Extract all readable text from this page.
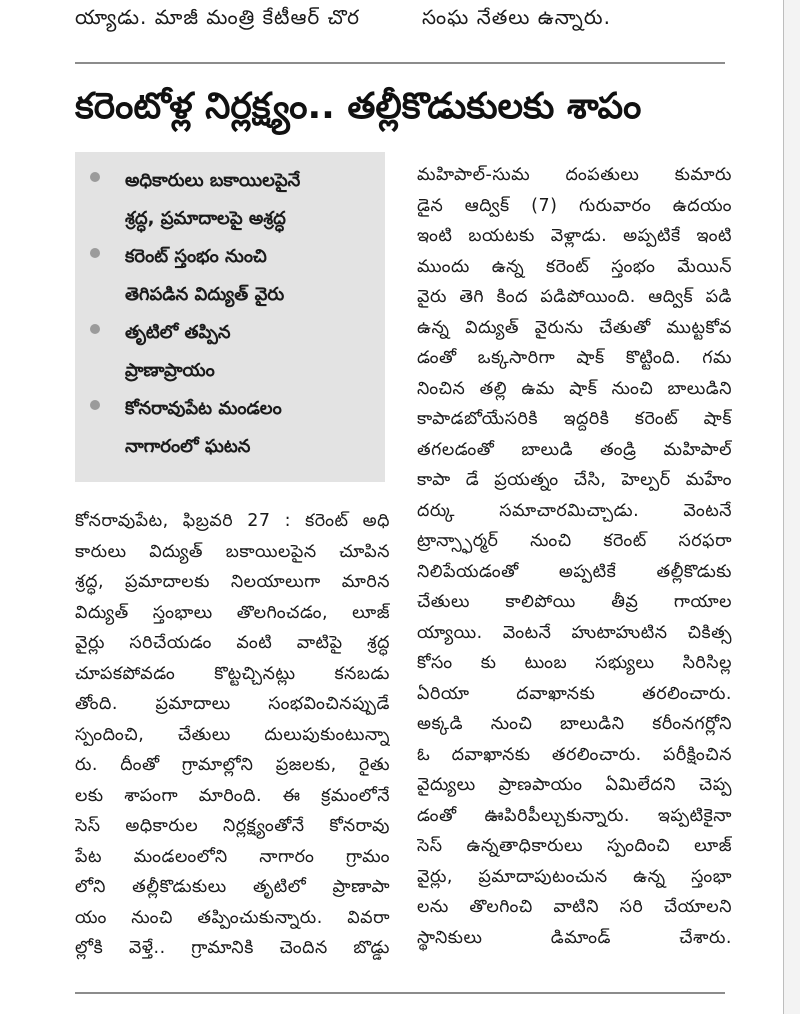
య్యాడు. మాజీ మంత్రి కేటీఆర్ చొర	సంఘ నేతలు ఉన్నారు.
కరెంటోళ్ల నిర్లక్ష్యం.. తల్లీకొడుకులకు శాపం
అధికారులు బకాయిలపైనే
శ్రద్ధ, ప్రమాదాలపై అశ్రద్ధ
కరెంట్ స్తంభం నుంచి
తెగిపడిన విద్యుత్ వైరు
తృటిలో తప్పిన
ప్రాణాప్రాయం
కోనరావుపేట మండలం
నాగారంలో ఘటన
కోనరావుపేట, ఫిబ్రవరి 27 : కరెంట్ అధి
కారులు విద్యుత్ బకాయిలపైన చూపిన
శ్రద్ధ, ప్రమాదాలకు నిలయాలుగా మారిన
విద్యుత్ స్తంభాలు తొలగించడం, లూజ్
వైర్లు సరిచేయడం వంటి వాటిపై శ్రద్ధ
చూపకపోవడం కొట్టచ్చినట్లు కనబడు
తోంది. ప్రమాదాలు సంభవించినప్పుడే
స్పందించి, చేతులు దులుపుకుంటున్నా
రు. దీంతో గ్రామాల్లోని ప్రజలకు, రైతు
లకు శాపంగా మారింది. ఈ క్రమంలోనే
సెస్ అధికారుల నిర్లక్ష్యంతోనే కోనరావు
పేట మండలంలోని నాగారం గ్రామం
లోని తల్లీకొడుకులు తృటిలో ప్రాణాపా
యం నుంచి తప్పించుకున్నారు. వివరా
ల్లోకి వెళ్తే.. గ్రామానికి చెందిన బొడ్డు
మహిపాల్-సుమ దంపతులు కుమారు
డైన ఆద్విక్ (7) గురువారం ఉదయం
ఇంటి బయటకు వెళ్లాడు. అప్పటికే ఇంటి
ముందు ఉన్న కరెంట్ స్తంభం మేయిన్
వైరు తెగి కింద పడిపోయింది. ఆద్విక్ పడి
ఉన్న విద్యుత్ వైరును చేతుతో ముట్టకోవ
డంతో ఒక్కసారిగా షాక్ కొట్టింది. గమ
నించిన తల్లి ఉమ షాక్ నుంచి బాలుడిని
కాపాడబోయేసరికి ఇద్దరికి కరెంట్ షాక్
తగలడంతో బాలుడి తండ్రి మహిపాల్
కాపా డే ప్రయత్నం చేసి, హెల్పర్ మహేం
దర్కు సమాచారమిచ్చాడు. వెంటనే
ట్రాన్స్ఫార్మర్ నుంచి కరెంట్ సరఫరా
నిలిపేయడంతో అప్పటికే తల్లీకొడుకు
చేతులు కాలిపోయి తీవ్ర గాయాల
య్యాయి. వెంటనే హుటాహుటిన చికిత్స
కోసం కు టుంబ సభ్యులు సిరిసిల్ల
ఏరియా దవాఖానకు తరలించారు.
అక్కడి నుంచి బాలుడిని కరీంనగర్లోని
ఓ దవాఖానకు తరలించారు. పరీక్షించిన
వైద్యులు ప్రాణపాయం ఏమిలేదని చెప్ప
డంతో ఊపిరిపీల్చుకున్నారు. ఇప్పటికైనా
సెస్ ఉన్నతాధికారులు స్పందించి లూజ్
వైర్లు, ప్రమాదాపుటంచున ఉన్న స్తంభా
లను తొలగించి వాటిని సరి చేయాలని
స్థానికులు డిమాండ్ చేశారు.
